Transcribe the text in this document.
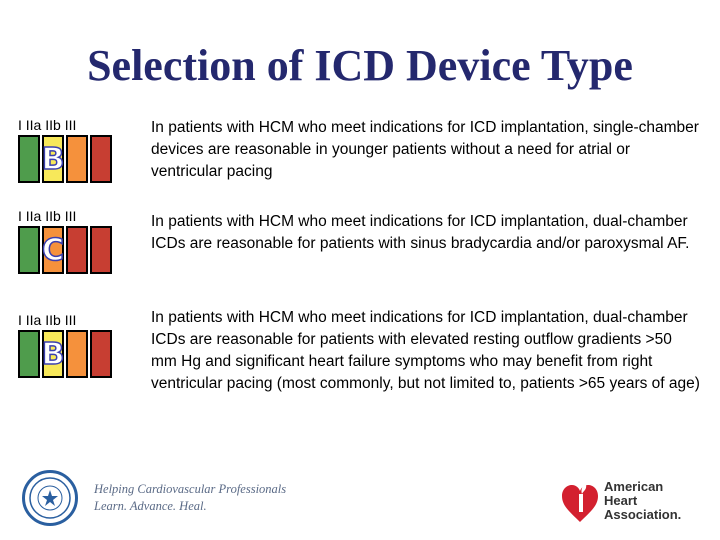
Selection of ICD Device Type
I IIa IIb III
B

In patients with HCM who meet indications for ICD implantation, single-chamber devices are reasonable in younger patients without a need for atrial or ventricular pacing

I IIa IIb III
C

In patients with HCM who meet indications for ICD implantation, dual-chamber ICDs are reasonable for patients with sinus bradycardia and/or paroxysmal AF.

I IIa IIb III
B

In patients with HCM who meet indications for ICD implantation, dual-chamber ICDs are reasonable for patients with elevated resting outflow gradients >50 mm Hg and significant heart failure symptoms who may benefit from right ventricular pacing (most commonly, but not limited to, patients >65 years of age)

Helping Cardiovascular Professionals
Learn. Advance. Heal.
American
Heart
Association.
